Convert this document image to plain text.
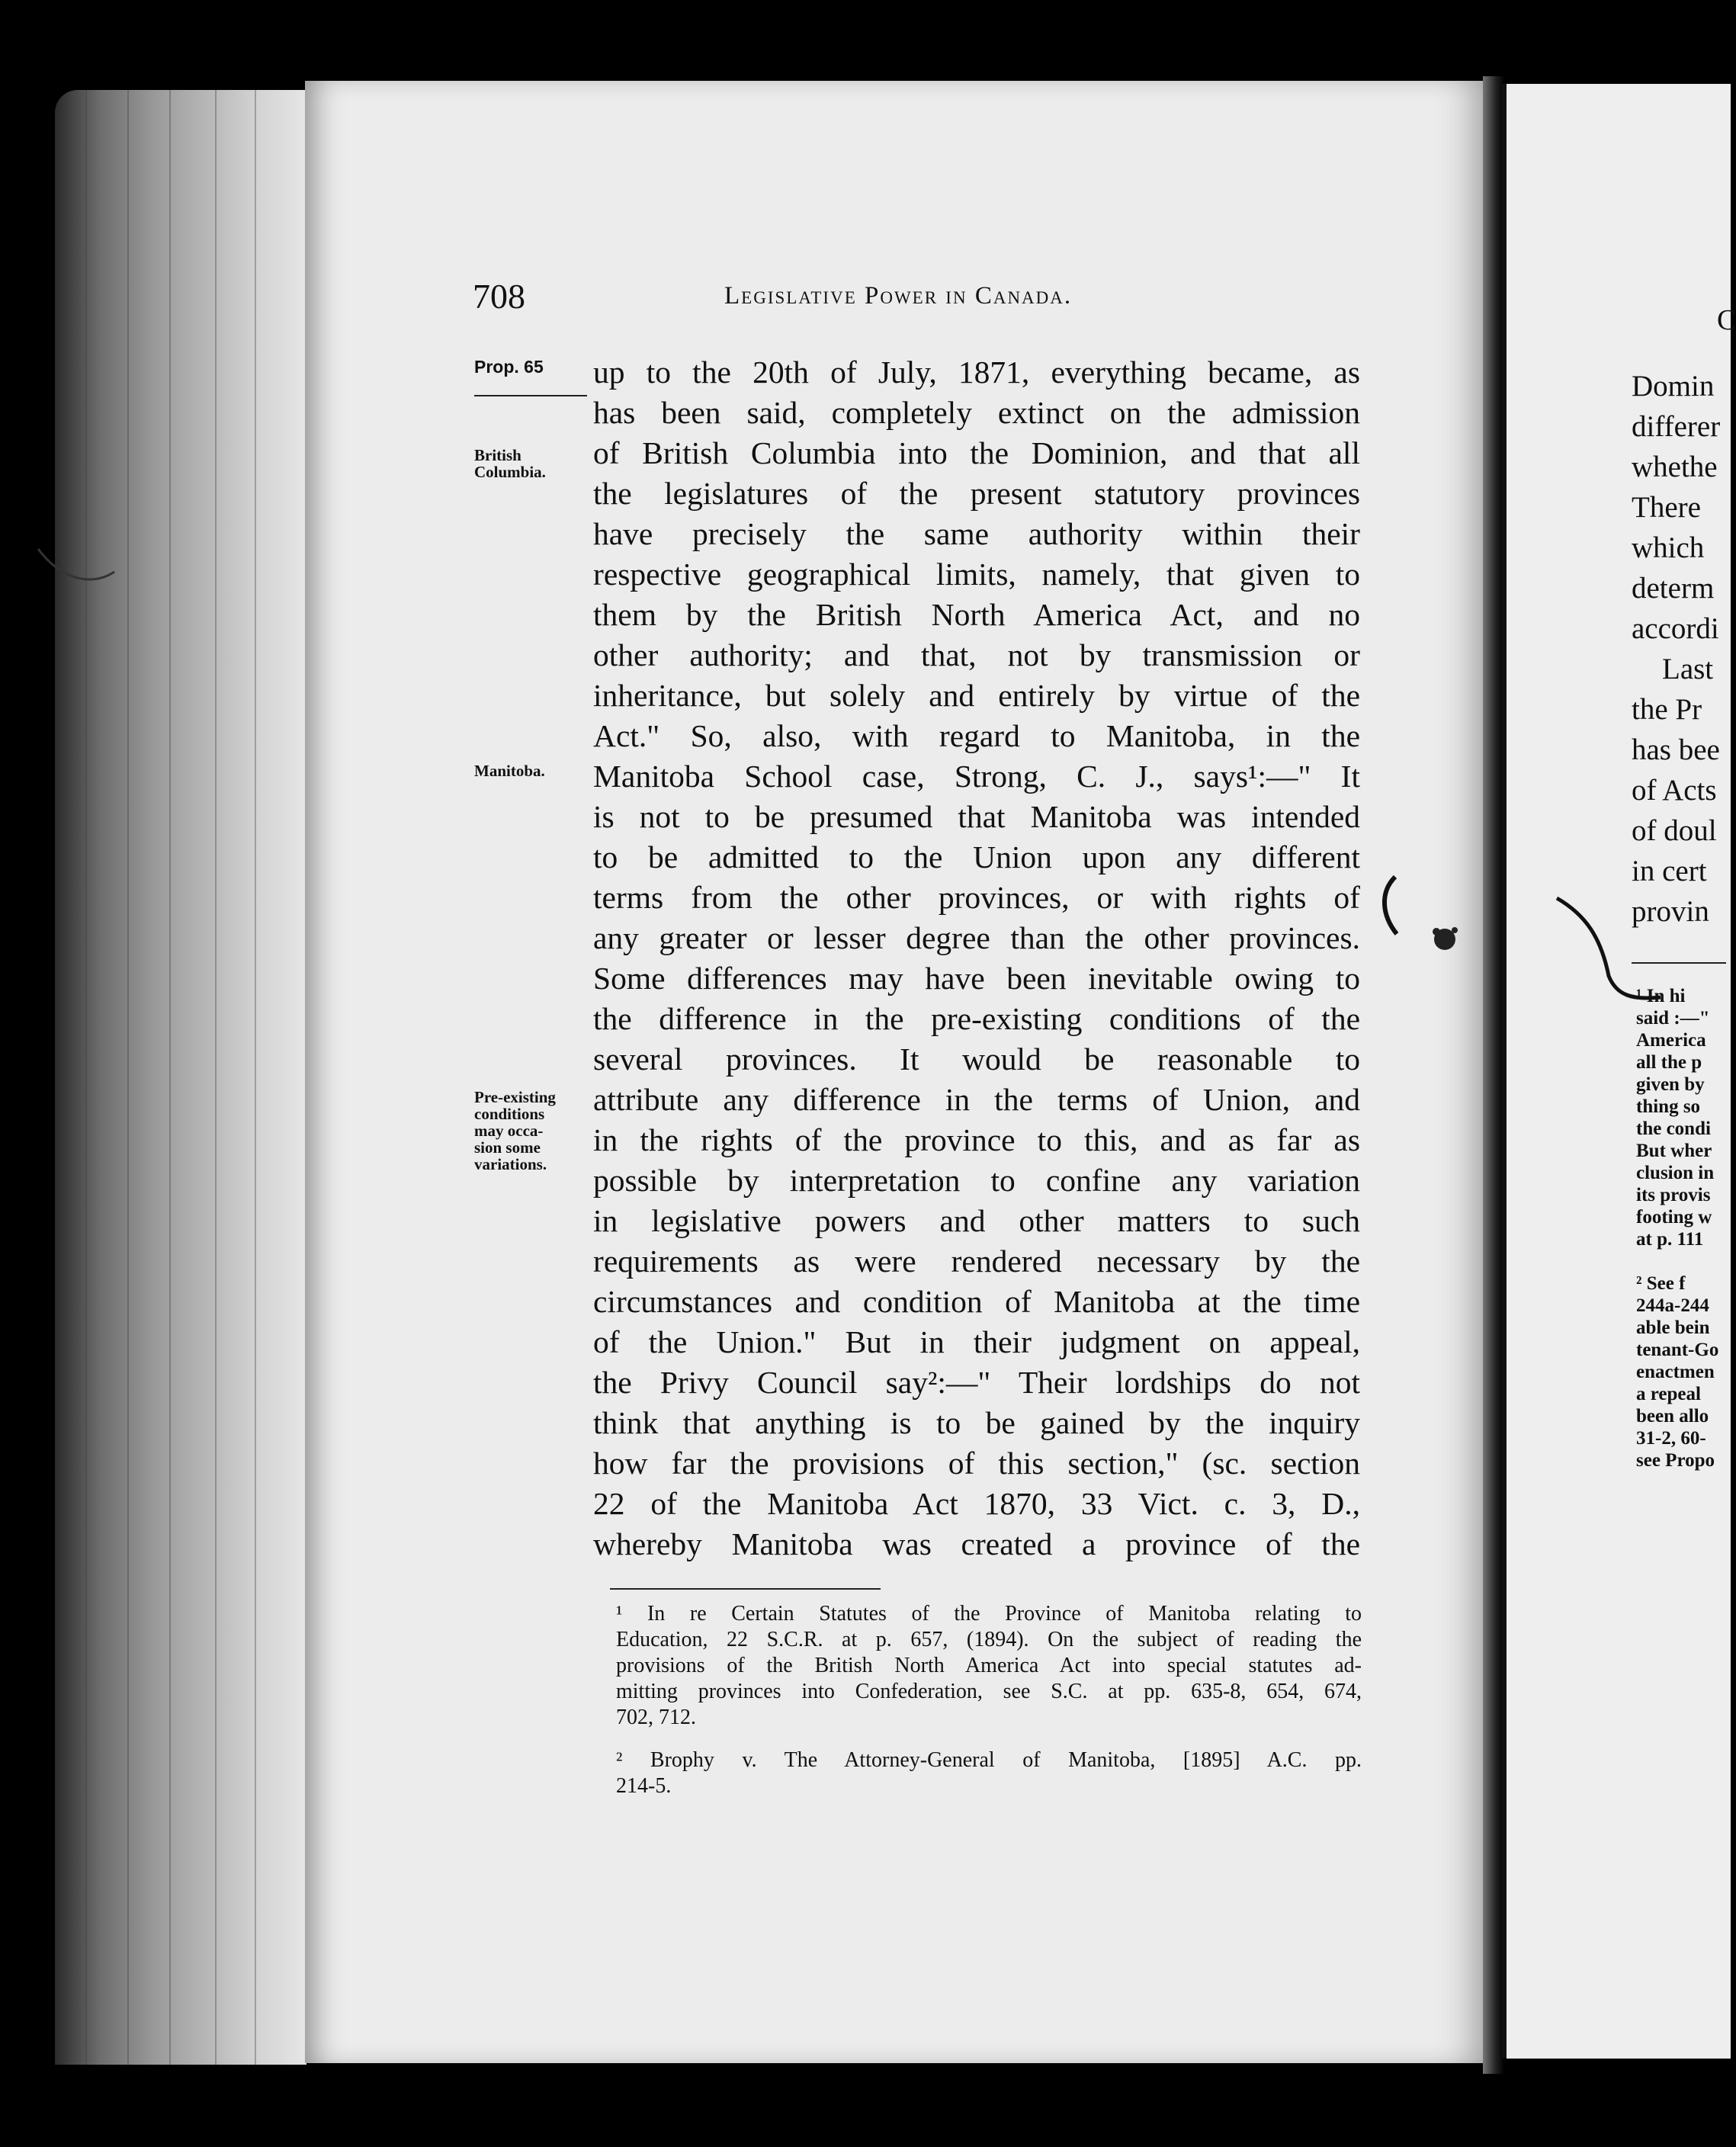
708	Legislative Power in Canada.
Prop. 65
British
Columbia.
Manitoba.
Pre-existing
conditions
may occa-
sion some
variations.
up to the 20th of July, 1871, everything became, as
has been said, completely extinct on the admission
of British Columbia into the Dominion, and that all
the legislatures of the present statutory provinces
have precisely the same authority within their
respective geographical limits, namely, that given to
them by the British North America Act, and no
other authority; and that, not by transmission or
inheritance, but solely and entirely by virtue of the
Act." So, also, with regard to Manitoba, in the
Manitoba School case, Strong, C. J., says¹:—" It
is not to be presumed that Manitoba was intended
to be admitted to the Union upon any different
terms from the other provinces, or with rights of
any greater or lesser degree than the other provinces.
Some differences may have been inevitable owing to
the difference in the pre-existing conditions of the
several provinces. It would be reasonable to
attribute any difference in the terms of Union, and
in the rights of the province to this, and as far as
possible by interpretation to confine any variation
in legislative powers and other matters to such
requirements as were rendered necessary by the
circumstances and condition of Manitoba at the time
of the Union." But in their judgment on appeal,
the Privy Council say²:—" Their lordships do not
think that anything is to be gained by the inquiry
how far the provisions of this section," (sc. section
22 of the Manitoba Act 1870, 33 Vict. c. 3, D.,
whereby Manitoba was created a province of the
¹ In re Certain Statutes of the Province of Manitoba relating to
Education, 22 S.C.R. at p. 657, (1894). On the subject of reading the
provisions of the British North America Act into special statutes ad-
mitting provinces into Confederation, see S.C. at pp. 635-8, 654, 674,
702, 712.
² Brophy v. The Attorney-General of Manitoba, [1895] A.C. pp.
214-5.
C
Domin
differer
whethe
There
which
determ
accordi
Last
the Pr
has bee
of Acts
of doul
in cert
provin
¹ In hi
said :—"
America
all the p
given by
thing so
the condi
But wher
clusion in
its provis
footing w
at p. 111
² See f
244a-244
able bein
tenant-Go
enactmen
a repeal
been allo
31-2, 60-
see Propo
